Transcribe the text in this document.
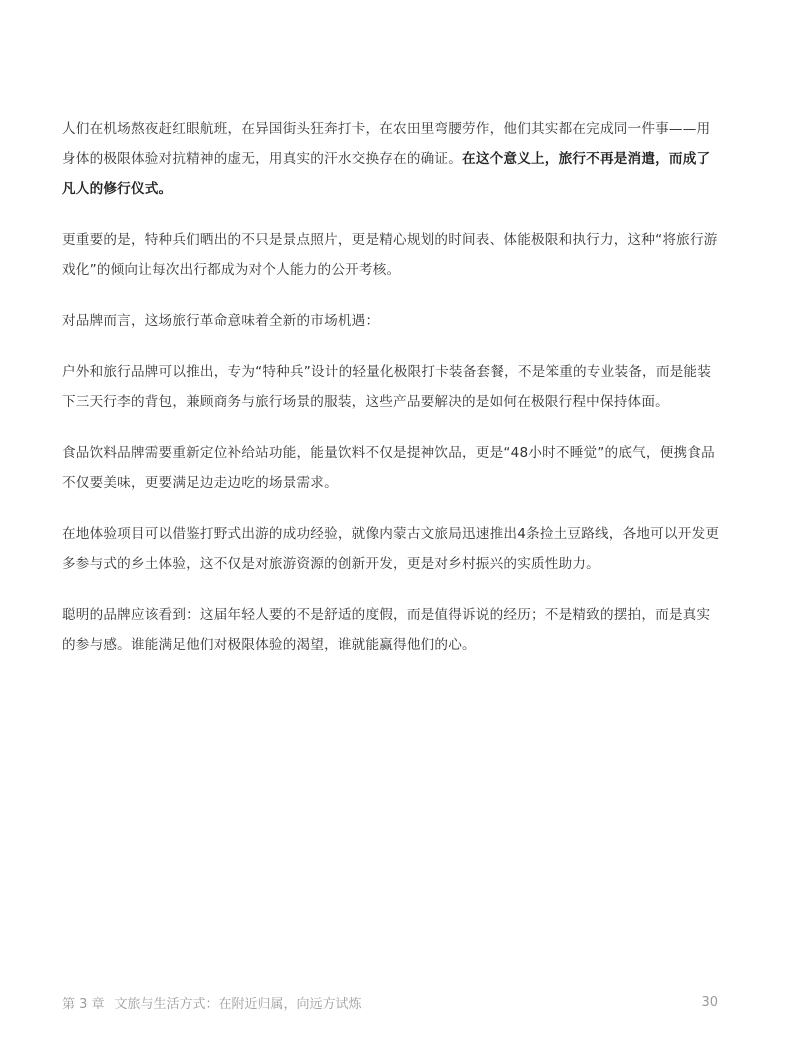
人们在机场熬夜赶红眼航班，在异国街头狂奔打卡，在农田里弯腰劳作，他们其实都在完成同一件事——用身体的极限体验对抗精神的虚无，用真实的汗水交换存在的确证。在这个意义上，旅行不再是消遣，而成了凡人的修行仪式。

更重要的是，特种兵们晒出的不只是景点照片，更是精心规划的时间表、体能极限和执行力，这种“将旅行游戏化”的倾向让每次出行都成为对个人能力的公开考核。

对品牌而言，这场旅行革命意味着全新的市场机遇：

户外和旅行品牌可以推出，专为“特种兵”设计的轻量化极限打卡装备套餐，不是笨重的专业装备，而是能装下三天行李的背包，兼顾商务与旅行场景的服装，这些产品要解决的是如何在极限行程中保持体面。

食品饮料品牌需要重新定位补给站功能，能量饮料不仅是提神饮品，更是“48小时不睡觉”的底气，便携食品不仅要美味，更要满足边走边吃的场景需求。

在地体验项目可以借鉴打野式出游的成功经验，就像内蒙古文旅局迅速推出4条捡土豆路线，各地可以开发更多参与式的乡土体验，这不仅是对旅游资源的创新开发，更是对乡村振兴的实质性助力。

聪明的品牌应该看到：这届年轻人要的不是舒适的度假，而是值得诉说的经历；不是精致的摆拍，而是真实的参与感。谁能满足他们对极限体验的渴望，谁就能赢得他们的心。

第 3 章 文旅与生活方式：在附近归属，向远方试炼	30
